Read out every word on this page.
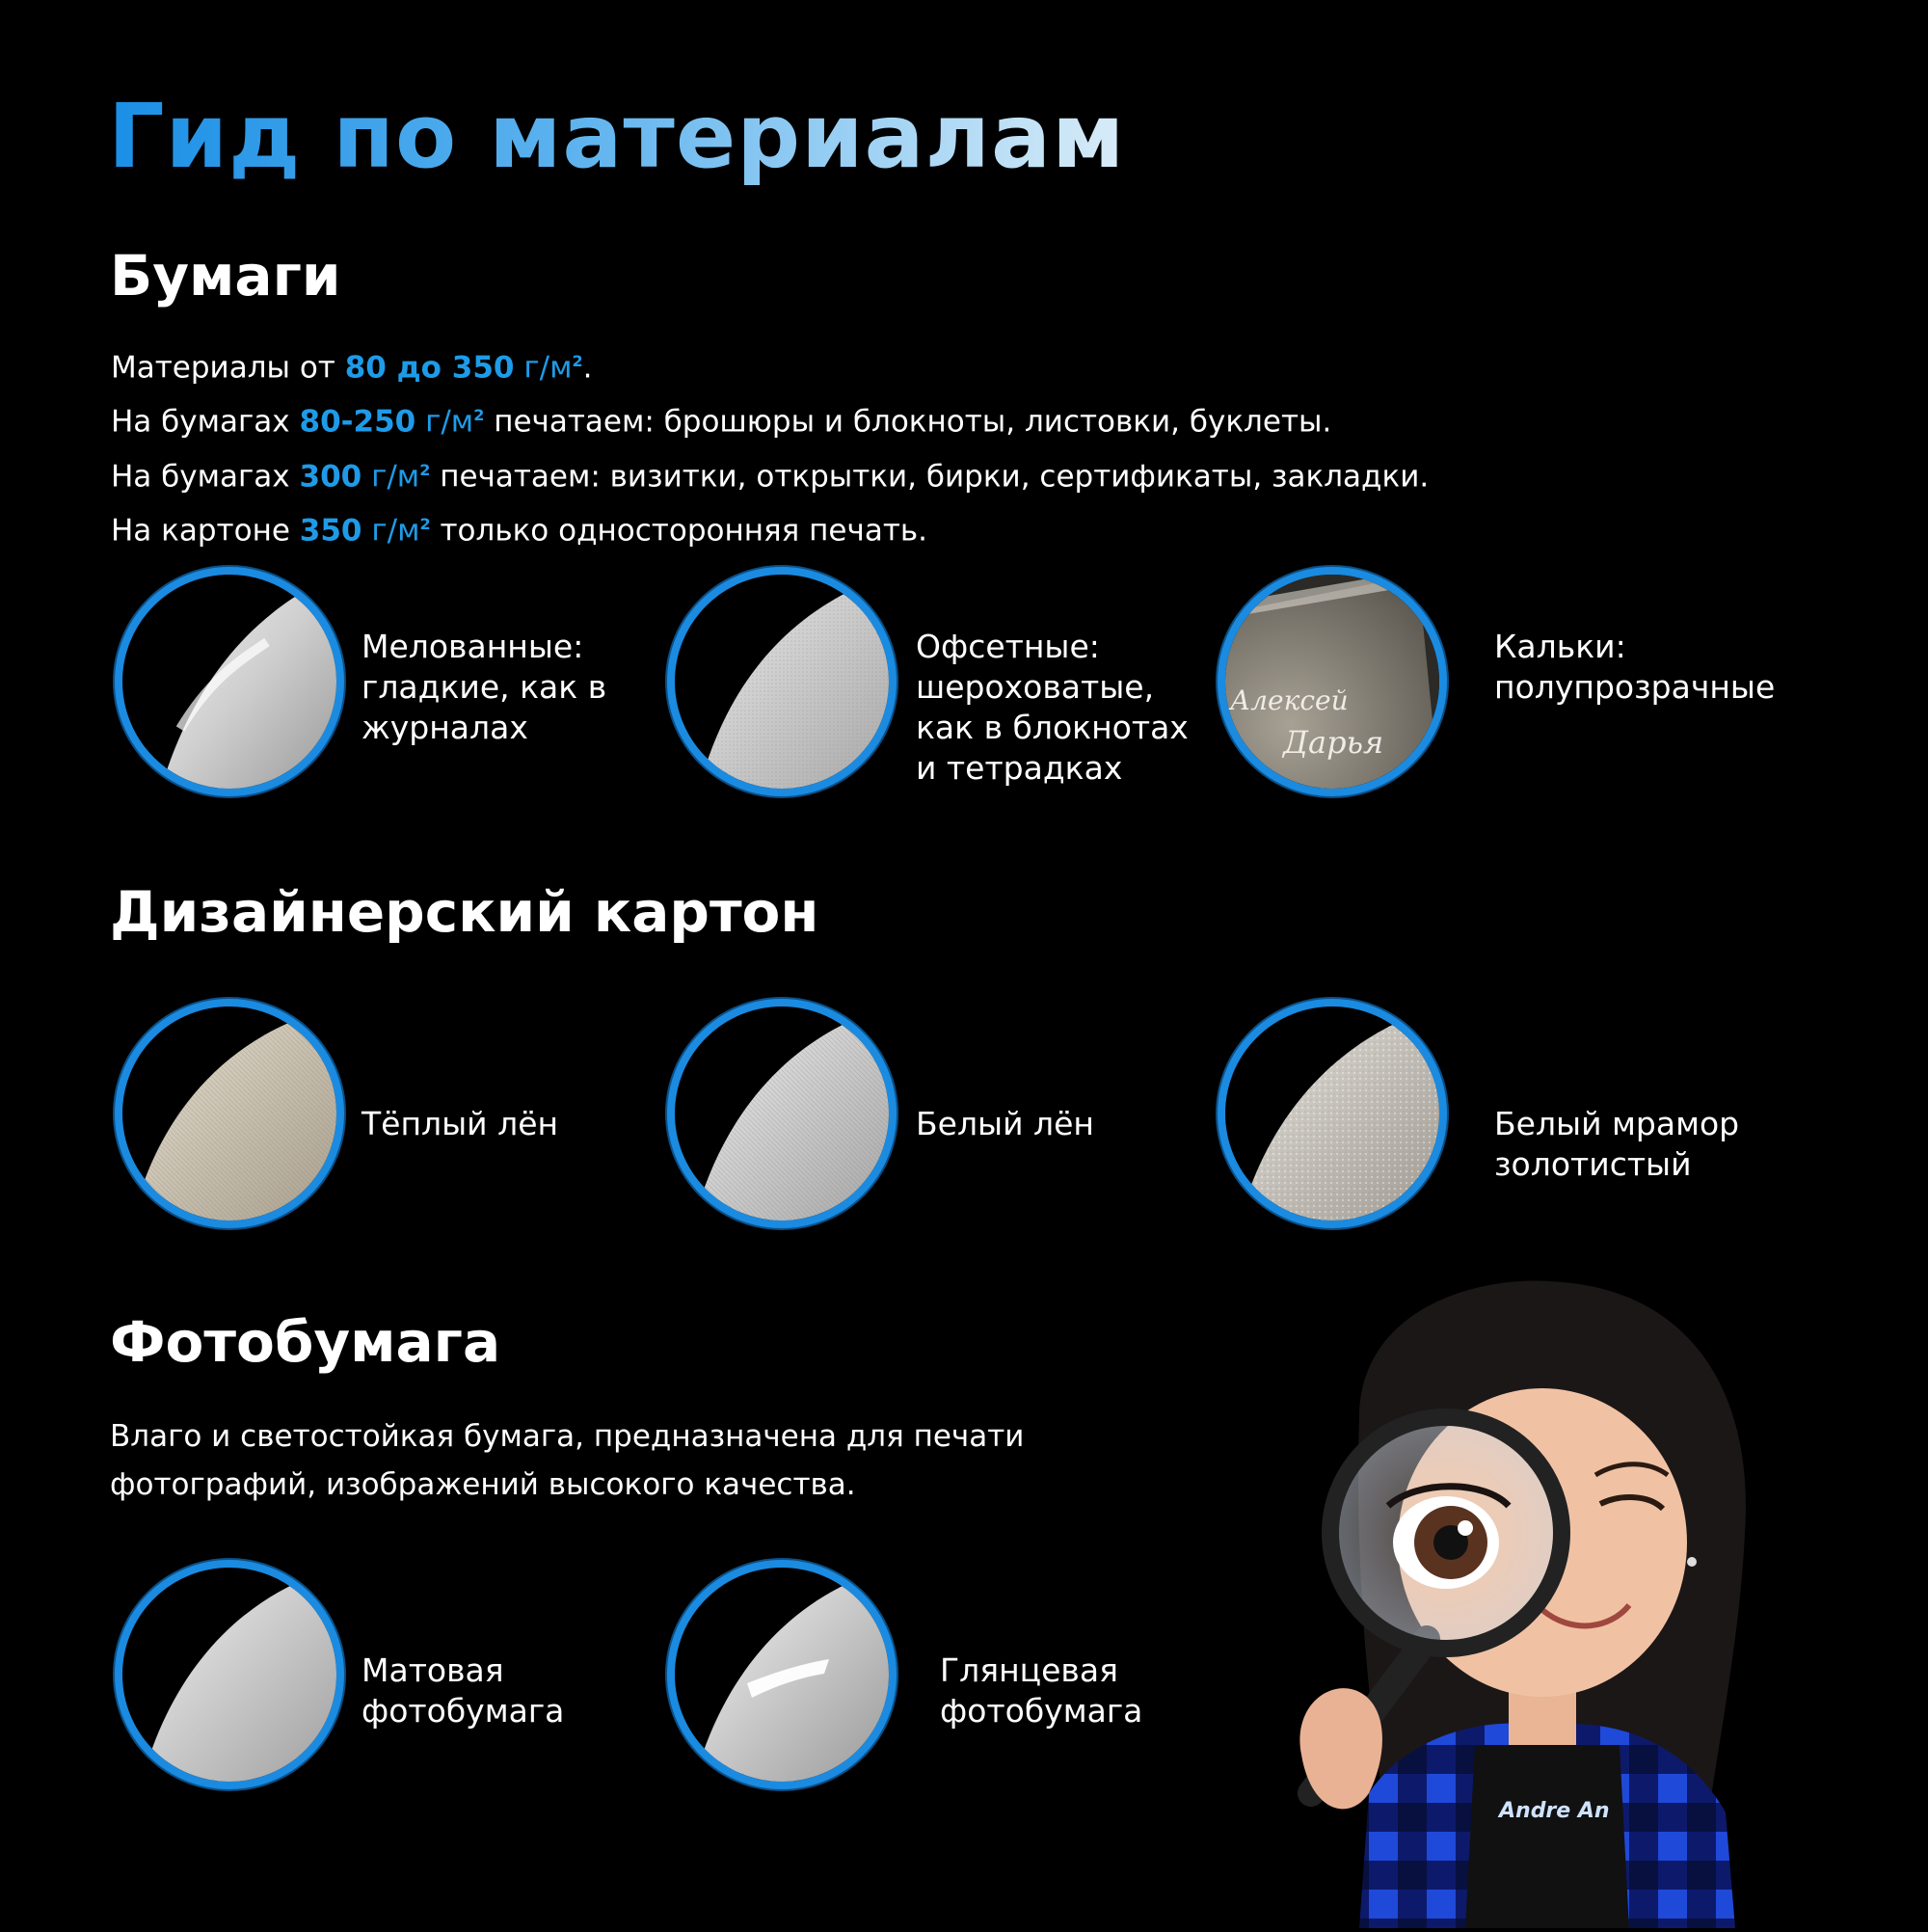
Гид по материалам
Бумаги
Материалы от 80 до 350 $г/м^2$.
На бумагах 80-250 $г/м^2$ печатаем: брошюры и блокноты, листовки, буклеты.
На бумагах 300 $г/м^2$ печатаем: визитки, открытки, бирки, сертификаты, закладки.
На картоне 350 $г/м^2$ только односторонняя печать.
Мелованные:
гладкие, как в
журналах
Офсетные:
шероховатые,
как в блокнотах
и тетрадках
Алексей
Дарья
Кальки:
полупрозрачные
Дизайнерский картон
Тёплый лён	Белый лён	Белый мрамор
золотистый
Фотобумага
Влаго и светостойкая бумага, предназначена для печати
фотографий, изображений высокого качества.
Матовая
фотобумага
Глянцевая
фотобумага
Andre An
